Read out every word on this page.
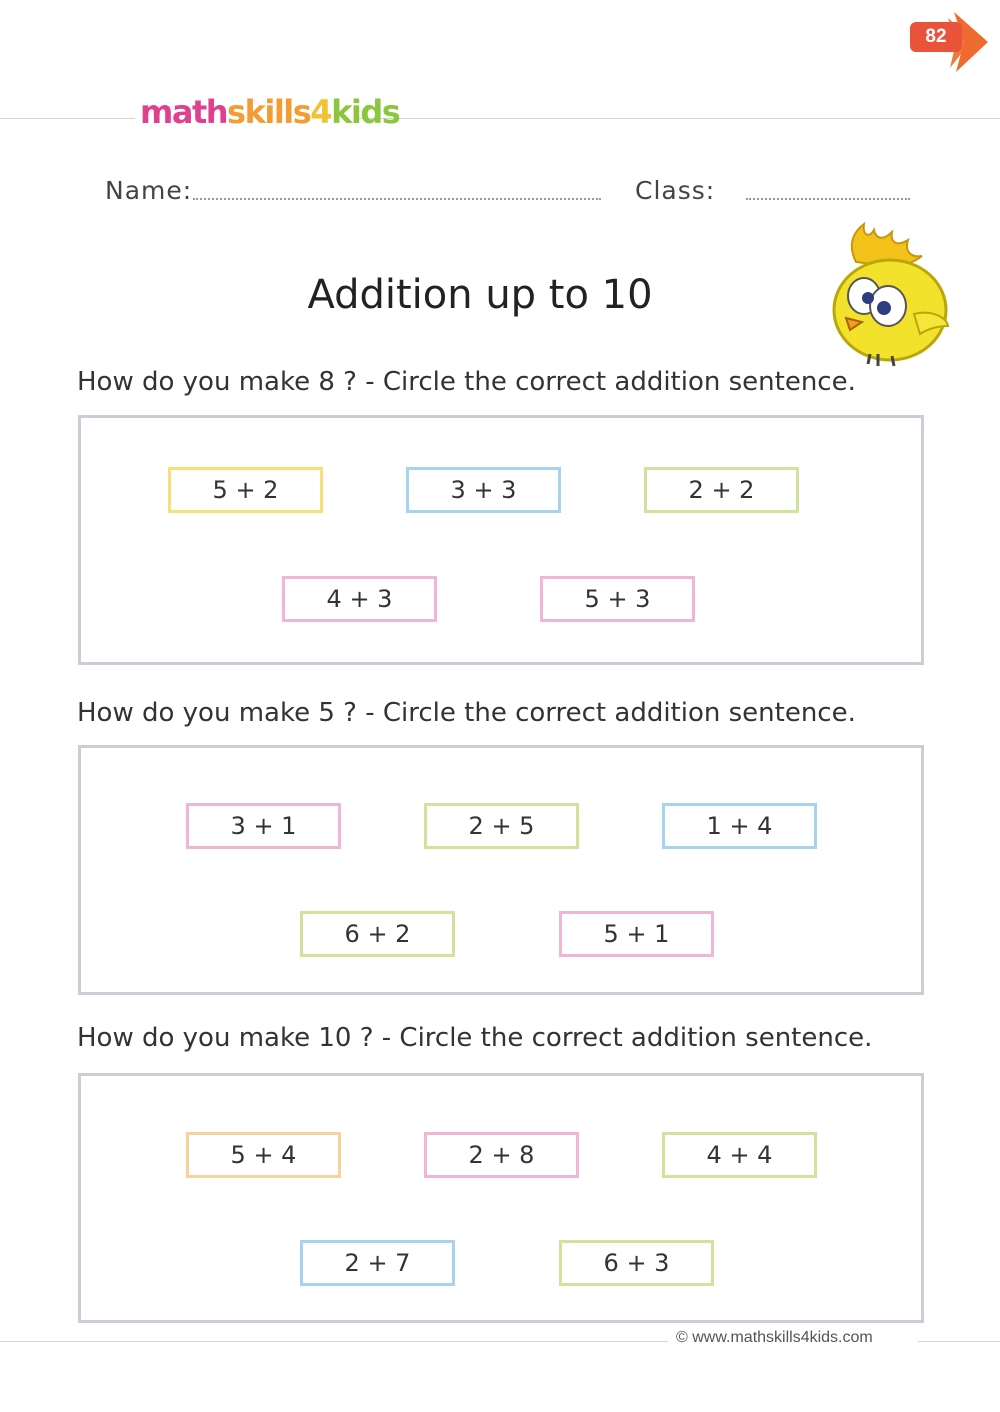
mathskills4kids
82
Name:	Class:
Addition up to 10
How do you make 8 ? - Circle the correct addition sentence.
5 + 2	3 + 3	2 + 2
4 + 3	5 + 3
How do you make 5 ? - Circle the correct addition sentence.
3 + 1	2 + 5	1 + 4
6 + 2	5 + 1
How do you make 10 ? - Circle the correct addition sentence.
5 + 4	2 + 8	4 + 4
2 + 7	6 + 3
© www.mathskills4kids.com
